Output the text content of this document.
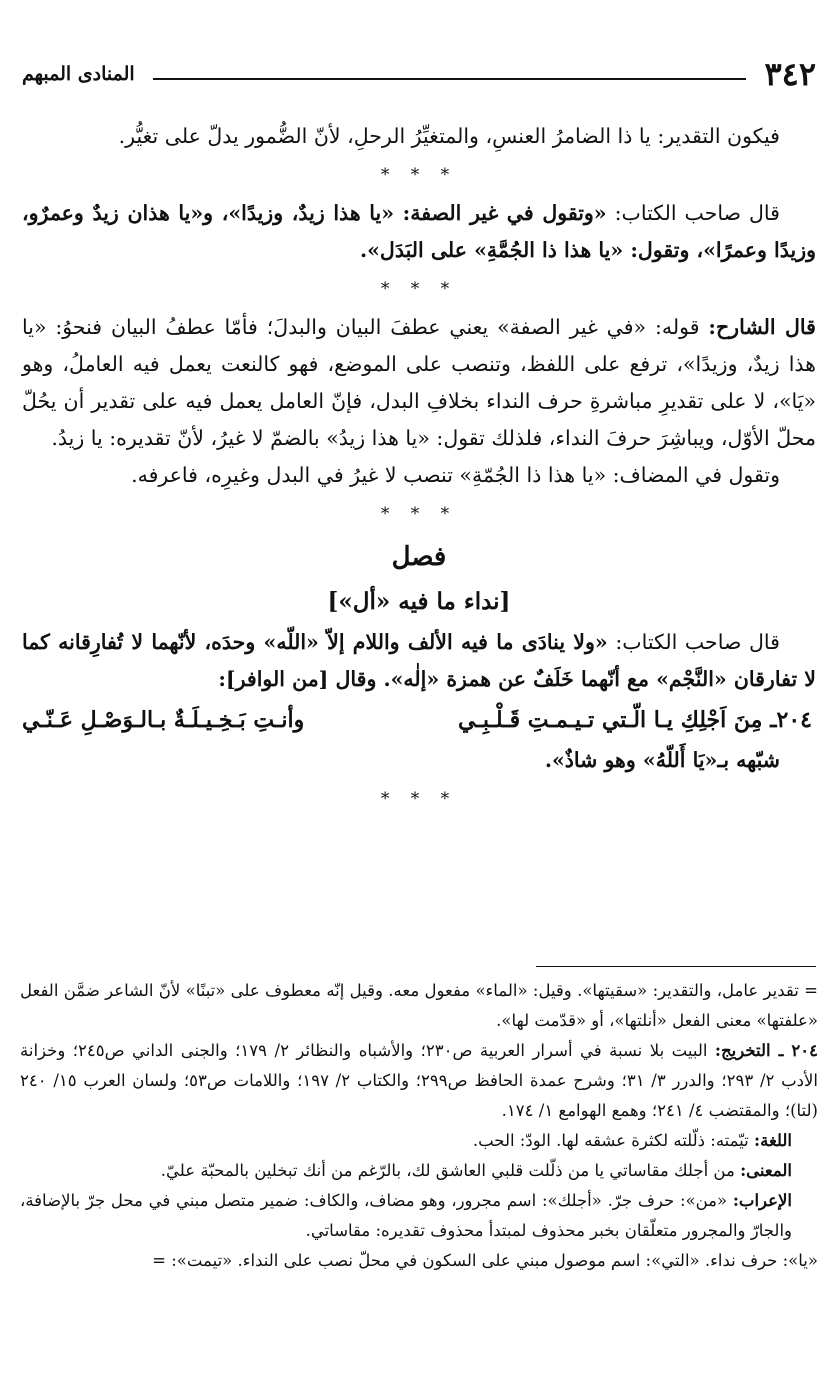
٣٤٢
المنادى المبهم

فيكون التقدير: يا ذا الضامرُ العنسِ، والمتغيِّرُ الرحلِ، لأنّ الضُّمور يدلّ على تغيُّر.

* * *

قال صاحب الكتاب: «وتقول في غير الصفة: «يا هذا زيدٌ، وزيدًا»، و«يا هذان زيدٌ وعمرٌو، وزيدًا وعمرًا»، وتقول: «يا هذا ذا الجُمَّةِ» على البَدَل».

* * *

قال الشارح: قوله: «في غير الصفة» يعني عطفَ البيان والبدلَ؛ فأمّا عطفُ البيان فنحوُ: «يا هذا زيدٌ، وزيدًا»، ترفع على اللفظ، وتنصب على الموضع، فهو كالنعت يعمل فيه العاملُ، وهو «يَا»، لا على تقديرِ مباشرةِ حرف النداء بخلافِ البدل، فإنّ العامل يعمل فيه على تقدير أن يحُلّ محلّ الأوّل، ويباشِرَ حرفَ النداء، فلذلك تقول: «يا هذا زيدُ» بالضمّ لا غيرُ، لأنّ تقديره: يا زيدُ.

وتقول في المضاف: «يا هذا ذا الجُمّةِ» تنصب لا غيرُ في البدل وغيرِه، فاعرفه.

* * *

فصل

[نداء ما فيه «أل»]

قال صاحب الكتاب: «ولا ينادَى ما فيه الألف واللام إلاّ «اللّه» وحدَه، لأنّهما لا تُفارِقانه كما لا تفارقان «النَّجْم» مع أنّهما خَلَفٌ عن همزة «إلٰه». وقال [من الوافر]:

٢٠٤ـ مِنَ اَجْلِكِ يـا الّـتي تـيـمـتِ قَـلْـبِـي
وأنـتِ بَـخِـيـلَـةٌ بـالـوَصْـلِ عَـنّـي

شبّهه بـ«يَا أَللّهُ» وهو شاذٌ».

* * *

= تقدير عامل، والتقدير: «سقيتها». وقيل: «الماء» مفعول معه. وقيل إنّه معطوف على «تبنًا» لأنّ الشاعر ضمَّن الفعل «علفتها» معنى الفعل «أنلتها»، أو «قدّمت لها».

٢٠٤ ـ التخريج: البيت بلا نسبة في أسرار العربية ص٢٣٠؛ والأشباه والنظائر ٢/ ١٧٩؛ والجنى الداني ص٢٤٥؛ وخزانة الأدب ٢/ ٢٩٣؛ والدرر ٣/ ٣١؛ وشرح عمدة الحافظ ص٢٩٩؛ والكتاب ٢/ ١٩٧؛ واللامات ص٥٣؛ ولسان العرب ١٥/ ٢٤٠ (لتا)؛ والمقتضب ٤/ ٢٤١؛ وهمع الهوامع ١/ ١٧٤.

اللغة: تيّمته: ذلّلته لكثرة عشقه لها. الودّ: الحب.

المعنى: من أجلك مقاساتي يا من ذلّلت قلبي العاشق لك، بالرّغم من أنك تبخلين بالمحبّة عليّ.

الإعراب: «من»: حرف جرّ. «أجلك»: اسم مجرور، وهو مضاف، والكاف: ضمير متصل مبني في محل جرّ بالإضافة، والجارّ والمجرور متعلّقان بخبر محذوف لمبتدأ محذوف تقديره: مقاساتي.

«يا»: حرف نداء. «التي»: اسم موصول مبني على السكون في محلّ نصب على النداء. «تيمت»: =
